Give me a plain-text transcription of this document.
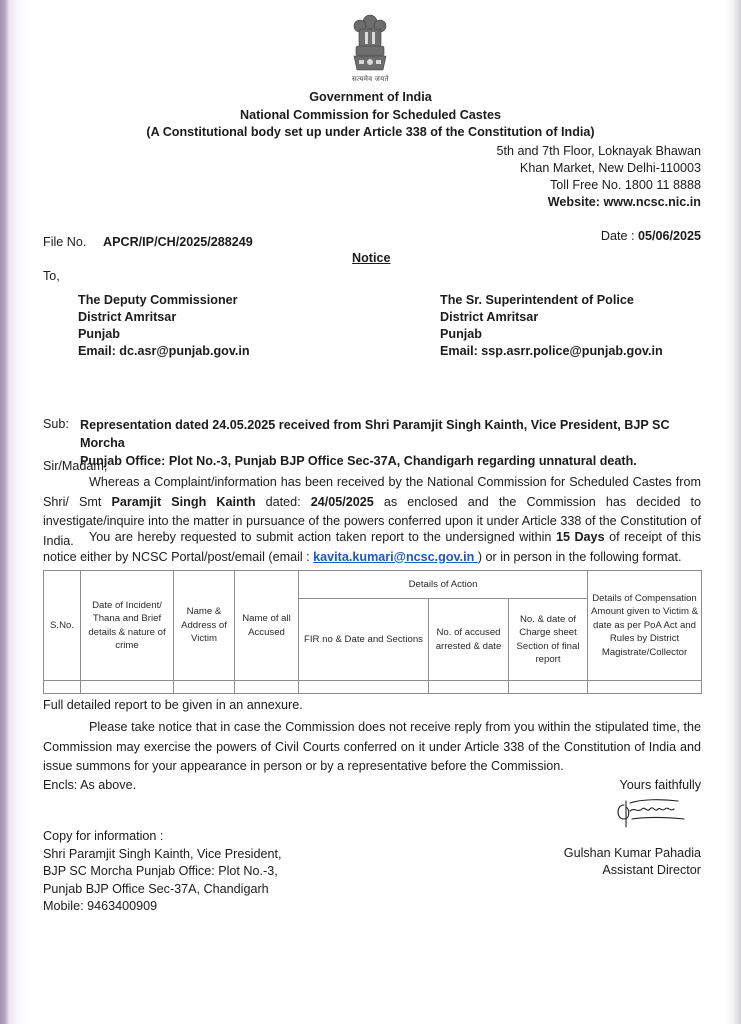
सत्यमेव जयते
Government of India
National Commission for Scheduled Castes
(A Constitutional body set up under Article 338 of the Constitution of India)
5th and 7th Floor, Loknayak Bhawan
Khan Market, New Delhi-110003
Toll Free No. 1800 11 8888
Website: www.ncsc.nic.in
File No. APCR/IP/CH/2025/288249	Date : 05/06/2025
Notice
To,
The Deputy Commissioner
District Amritsar
Punjab
Email: dc.asr@punjab.gov.in
The Sr. Superintendent of Police
District Amritsar
Punjab
Email: ssp.asrr.police@punjab.gov.in
Sub: Representation dated 24.05.2025 received from Shri Paramjit Singh Kainth, Vice President, BJP SC Morcha
Punjab Office: Plot No.-3, Punjab BJP Office Sec-37A, Chandigarh regarding unnatural death.
Sir/Madam,
Whereas a Complaint/information has been received by the National Commission for Scheduled Castes from Shri/ Smt Paramjit Singh Kainth dated: 24/05/2025 as enclosed and the Commission has decided to investigate/inquire into the matter in pursuance of the powers conferred upon it under Article 338 of the Constitution of India.	You are hereby requested to submit action taken report to the undersigned within 15 Days of receipt of this notice either by NCSC Portal/post/email (email : kavita.kumari@ncsc.gov.in ) or in person in the following format.
S.No.	Date of Incident/ Thana and Brief details & nature of crime	Name & Address of Victim	Name of all Accused	Details of Action			Details of Compensation Amount given to Victim & date as per PoA Act and Rules by District Magistrate/Collector
				FIR no & Date and Sections	No. of accused arrested & date	No. & date of Charge sheet Section of final report	

Full detailed report to be given in an annexure.
Please take notice that in case the Commission does not receive reply from you within the stipulated time, the Commission may exercise the powers of Civil Courts conferred on it under Article 338 of the Constitution of India and issue summons for your appearance in person or by a representative before the Commission.
Encls: As above.	Yours faithfully
Gulshan Kumar Pahadia
Assistant Director
Copy for information :
Shri Paramjit Singh Kainth, Vice President,
BJP SC Morcha Punjab Office: Plot No.-3,
Punjab BJP Office Sec-37A, Chandigarh
Mobile: 9463400909
